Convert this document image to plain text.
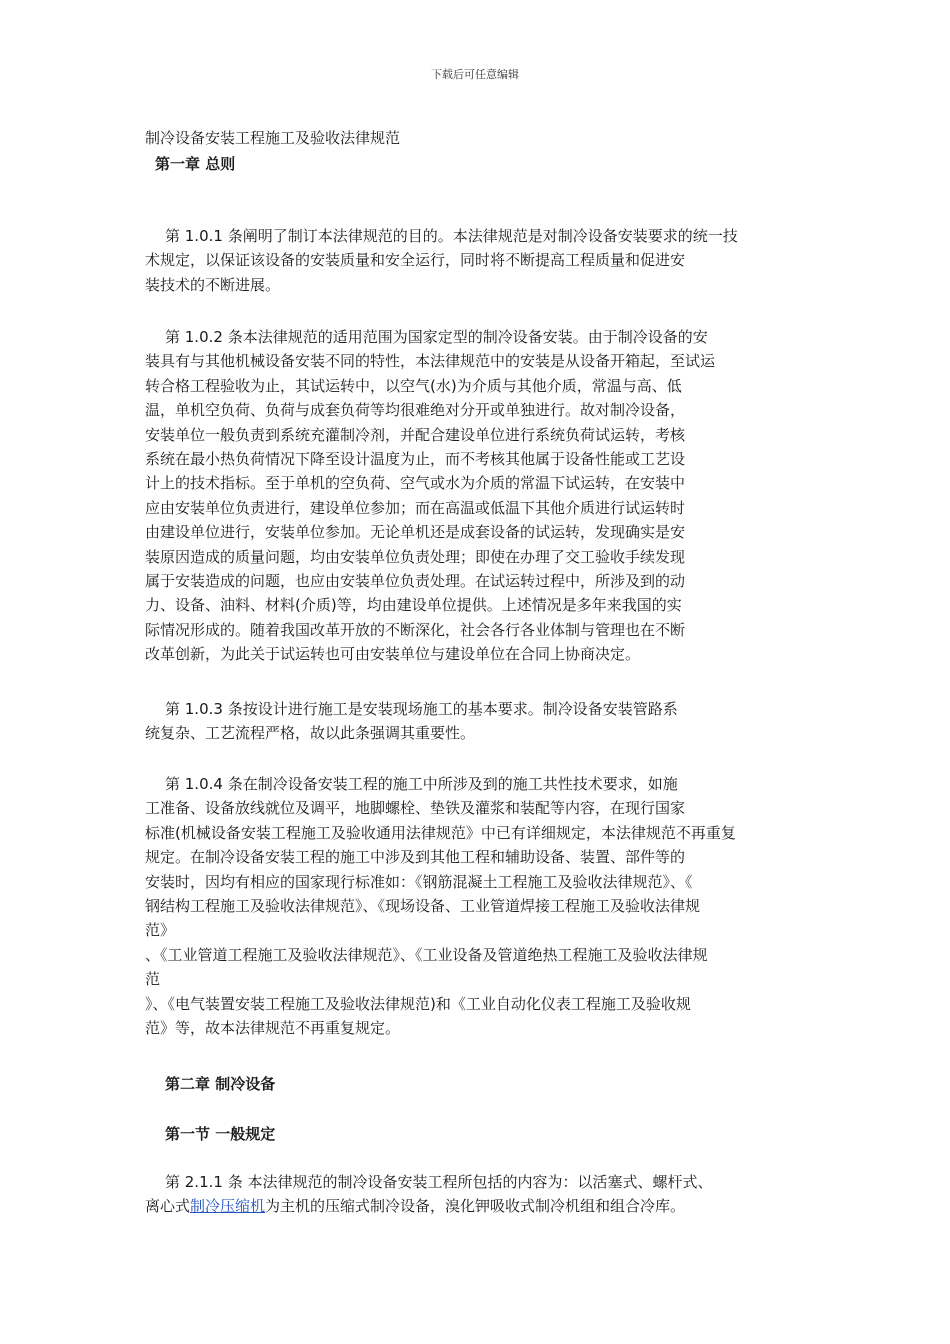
下载后可任意编辑
制冷设备安装工程施工及验收法律规范
第一章 总则
第 1.0.1 条阐明了制订本法律规范的目的。本法律规范是对制冷设备安装要求的统一技
术规定，以保证该设备的安装质量和安全运行，同时将不断提高工程质量和促进安
装技术的不断进展。
第 1.0.2 条本法律规范的适用范围为国家定型的制冷设备安装。由于制冷设备的安
装具有与其他机械设备安装不同的特性，本法律规范中的安装是从设备开箱起，至试运
转合格工程验收为止，其试运转中，以空气(水)为介质与其他介质，常温与高、低
温，单机空负荷、负荷与成套负荷等均很难绝对分开或单独进行。故对制冷设备，
安装单位一般负责到系统充灌制冷剂，并配合建设单位进行系统负荷试运转，考核
系统在最小热负荷情况下降至设计温度为止，而不考核其他属于设备性能或工艺设
计上的技术指标。至于单机的空负荷、空气或水为介质的常温下试运转，在安装中
应由安装单位负责进行，建设单位参加；而在高温或低温下其他介质进行试运转时
由建设单位进行，安装单位参加。无论单机还是成套设备的试运转，发现确实是安
装原因造成的质量问题，均由安装单位负责处理；即使在办理了交工验收手续发现
属于安装造成的问题，也应由安装单位负责处理。在试运转过程中，所涉及到的动
力、设备、油料、材料(介质)等，均由建设单位提供。上述情况是多年来我国的实
际情况形成的。随着我国改革开放的不断深化，社会各行各业体制与管理也在不断
改革创新，为此关于试运转也可由安装单位与建设单位在合同上协商决定。
第 1.0.3 条按设计进行施工是安装现场施工的基本要求。制冷设备安装管路系
统复杂、工艺流程严格，故以此条强调其重要性。
第 1.0.4 条在制冷设备安装工程的施工中所涉及到的施工共性技术要求，如施
工准备、设备放线就位及调平，地脚螺栓、垫铁及灌浆和装配等内容，在现行国家
标准(机械设备安装工程施工及验收通用法律规范》中已有详细规定，本法律规范不再重复
规定。在制冷设备安装工程的施工中涉及到其他工程和辅助设备、装置、部件等的
安装时，因均有相应的国家现行标准如：《钢筋混凝土工程施工及验收法律规范》、《
钢结构工程施工及验收法律规范》、《现场设备、工业管道焊接工程施工及验收法律规
范》
、《工业管道工程施工及验收法律规范》、《工业设备及管道绝热工程施工及验收法律规
范
》、《电气装置安装工程施工及验收法律规范)和《工业自动化仪表工程施工及验收规
范》等，故本法律规范不再重复规定。
第二章 制冷设备
第一节 一般规定
第 2.1.1 条 本法律规范的制冷设备安装工程所包括的内容为：以活塞式、螺杆式、
离心式制冷压缩机为主机的压缩式制冷设备，溴化钾吸收式制冷机组和组合冷库。
